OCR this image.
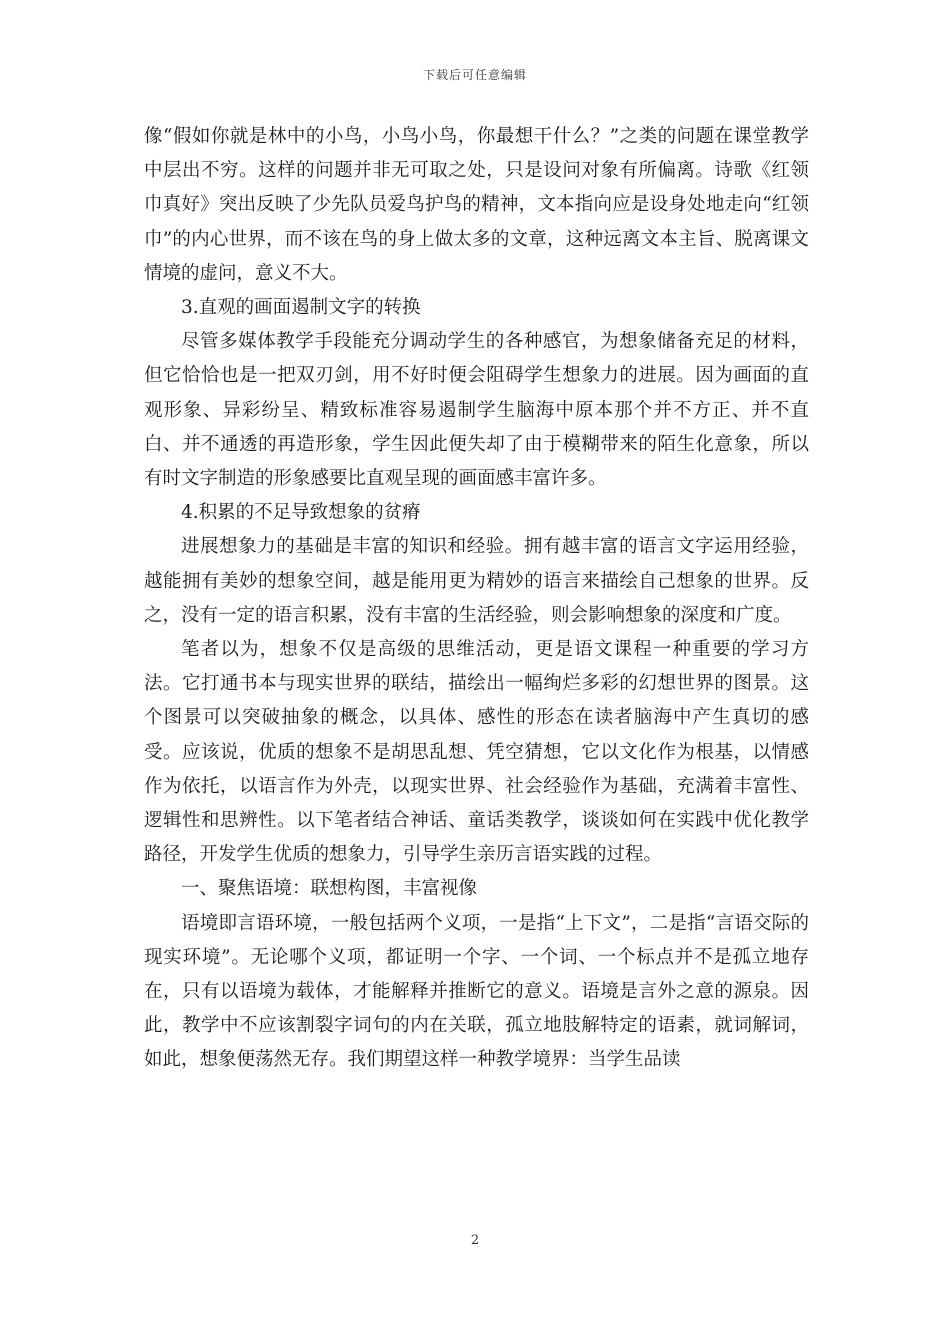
下载后可任意编辑

像“假如你就是林中的小鸟，小鸟小鸟，你最想干什么？”之类的问题在课堂教学中层出不穷。这样的问题并非无可取之处，只是设问对象有所偏离。诗歌《红领巾真好》突出反映了少先队员爱鸟护鸟的精神，文本指向应是设身处地走向“红领巾”的内心世界，而不该在鸟的身上做太多的文章，这种远离文本主旨、脱离课文情境的虚问，意义不大。

3.直观的画面遏制文字的转换

尽管多媒体教学手段能充分调动学生的各种感官，为想象储备充足的材料，但它恰恰也是一把双刃剑，用不好时便会阻碍学生想象力的进展。因为画面的直观形象、异彩纷呈、精致标准容易遏制学生脑海中原本那个并不方正、并不直白、并不通透的再造形象，学生因此便失却了由于模糊带来的陌生化意象，所以有时文字制造的形象感要比直观呈现的画面感丰富许多。

4.积累的不足导致想象的贫瘠

进展想象力的基础是丰富的知识和经验。拥有越丰富的语言文字运用经验，越能拥有美妙的想象空间，越是能用更为精妙的语言来描绘自己想象的世界。反之，没有一定的语言积累，没有丰富的生活经验，则会影响想象的深度和广度。

笔者以为，想象不仅是高级的思维活动，更是语文课程一种重要的学习方法。它打通书本与现实世界的联结，描绘出一幅绚烂多彩的幻想世界的图景。这个图景可以突破抽象的概念，以具体、感性的形态在读者脑海中产生真切的感受。应该说，优质的想象不是胡思乱想、凭空猜想，它以文化作为根基，以情感作为依托，以语言作为外壳，以现实世界、社会经验作为基础，充满着丰富性、逻辑性和思辨性。以下笔者结合神话、童话类教学，谈谈如何在实践中优化教学路径，开发学生优质的想象力，引导学生亲历言语实践的过程。

一、聚焦语境：联想构图，丰富视像

语境即言语环境，一般包括两个义项，一是指“上下文”，二是指“言语交际的现实环境”。无论哪个义项，都证明一个字、一个词、一个标点并不是孤立地存在，只有以语境为载体，才能解释并推断它的意义。语境是言外之意的源泉。因此，教学中不应该割裂字词句的内在关联，孤立地肢解特定的语素，就词解词，如此，想象便荡然无存。我们期望这样一种教学境界：当学生品读

2
